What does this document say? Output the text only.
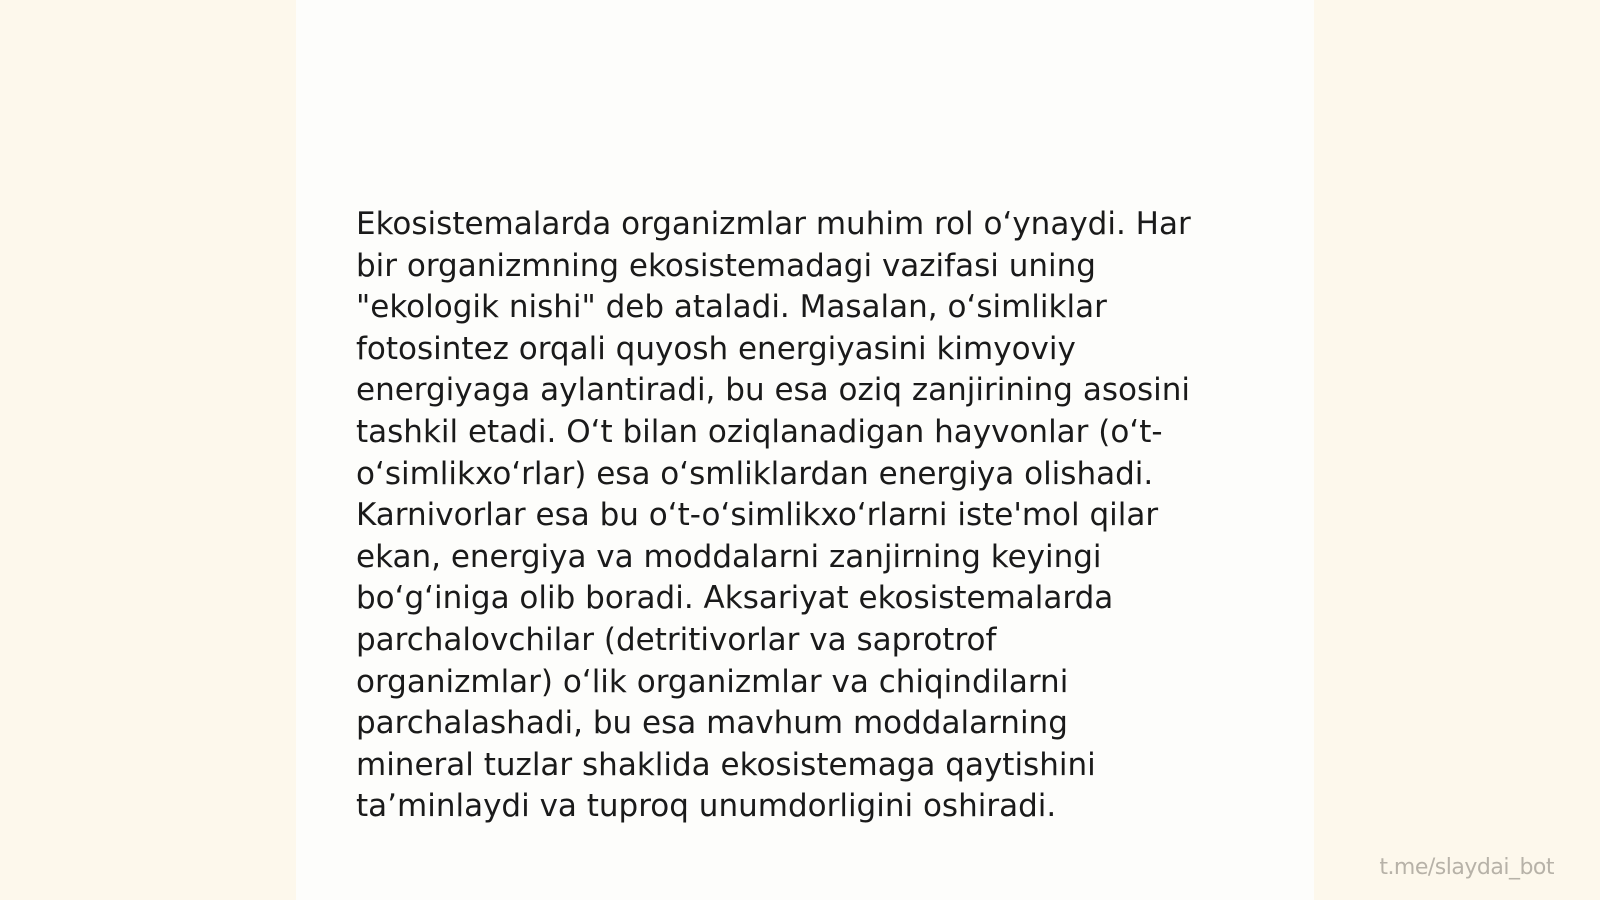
Ekosistemalarda organizmlar muhim rol oʻynaydi. Har
bir organizmning ekosistemadagi vazifasi uning
"ekologik nishi" deb ataladi. Masalan, oʻsimliklar
fotosintez orqali quyosh energiyasini kimyoviy
energiyaga aylantiradi, bu esa oziq zanjirining asosini
tashkil etadi. Oʻt bilan oziqlanadigan hayvonlar (oʻt-
oʻsimlikxoʻrlar) esa oʻsmliklardan energiya olishadi.
Karnivorlar esa bu oʻt-oʻsimlikxoʻrlarni iste'mol qilar
ekan, energiya va moddalarni zanjirning keyingi
boʻgʻiniga olib boradi. Aksariyat ekosistemalarda
parchalovchilar (detritivorlar va saprotrof
organizmlar) oʻlik organizmlar va chiqindilarni
parchalashadi, bu esa mavhum moddalarning
mineral tuzlar shaklida ekosistemaga qaytishini
ta’minlaydi va tuproq unumdorligini oshiradi.

t.me/slaydai_bot
